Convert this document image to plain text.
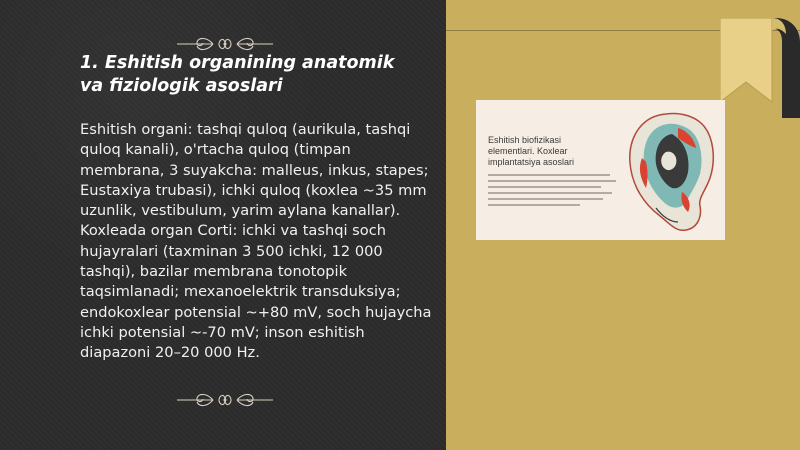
1. Eshitish organining anatomik va fiziologik asoslari

Eshitish organi: tashqi quloq (aurikula, tashqi quloq kanali), o'rtacha quloq (timpan membrana, 3 suyakcha: malleus, inkus, stapes; Eustaxiya trubasi), ichki quloq (koxlea ~35 mm uzunlik, vestibulum, yarim aylana kanallar). Koxleada organ Corti: ichki va tashqi soch hujayralari (taxminan 3 500 ichki, 12 000 tashqi), bazilar membrana tonotopik taqsimlanadi; mexanoelektrik transduksiya; endokoxlear potensial ~+80 mV, soch hujaycha ichki potensial ~-70 mV; inson eshitish diapazoni 20–20 000 Hz.

Eshitish biofizikasi elementlari. Koxlear implantatsiya asoslari
